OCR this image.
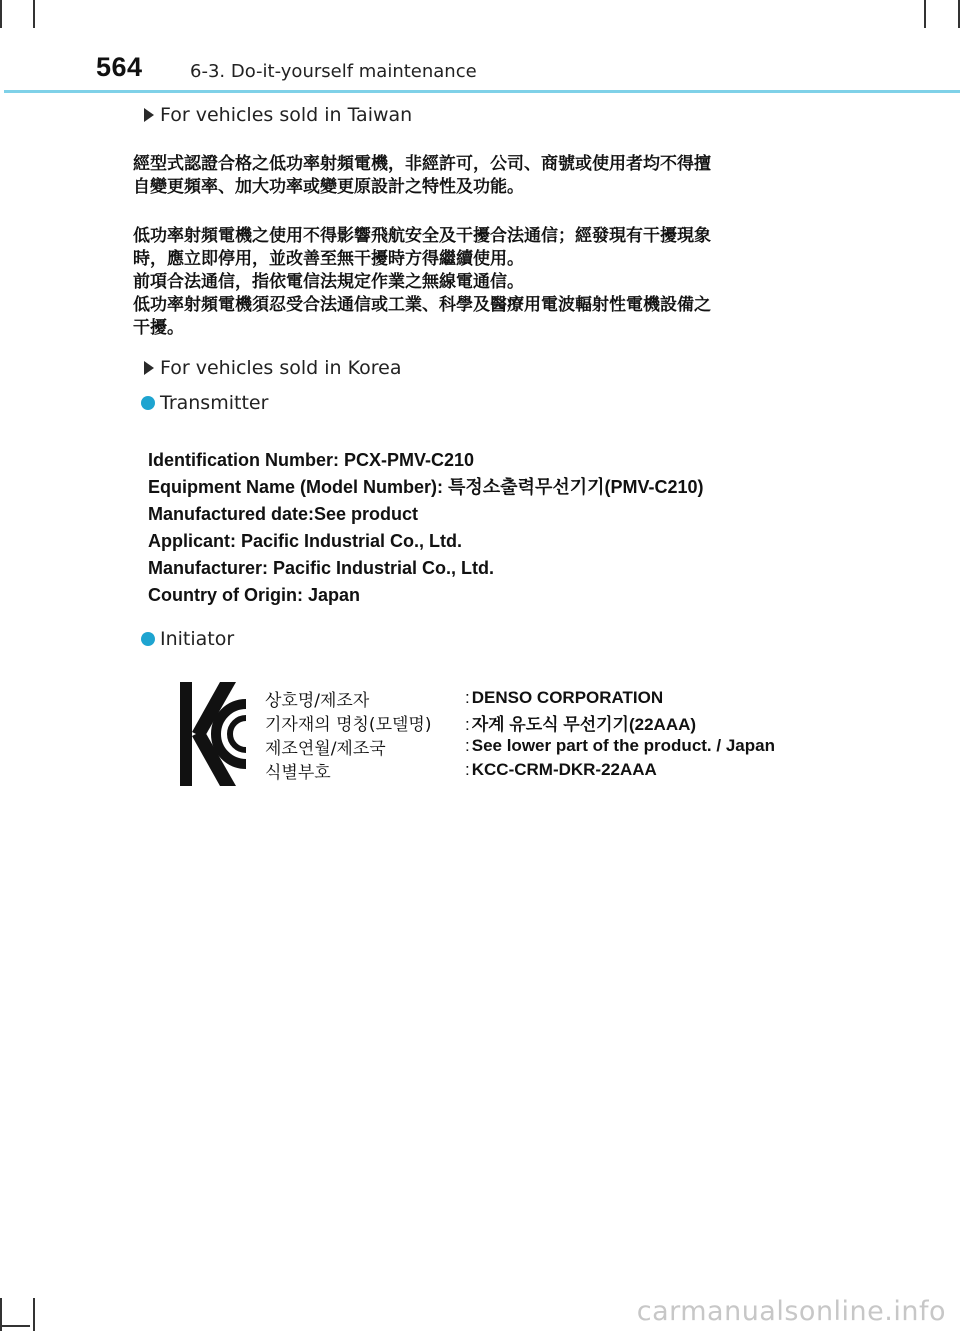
564	6-3. Do-it-yourself maintenance
For vehicles sold in Taiwan

經型式認證合格之低功率射頻電機，非經許可，公司、商號或使用者均不得擅

自變更頻率、加大功率或變更原設計之特性及功能。

低功率射頻電機之使用不得影響飛航安全及干擾合法通信；經發現有干擾現象

時，應立即停用，並改善至無干擾時方得繼續使用。

前項合法通信，指依電信法規定作業之無線電通信。

低功率射頻電機須忍受合法通信或工業、科學及醫療用電波輻射性電機設備之

干擾。

For vehicles sold in Korea
Transmitter
Identification Number: PCX-PMV-C210
Equipment Name (Model Number): 특정소출력무선기기(PMV-C210)
Manufactured date:See product
Applicant: Pacific Industrial Co., Ltd.
Manufacturer: Pacific Industrial Co., Ltd.
Country of Origin: Japan
Initiator
상호명/제조자	: DENSO CORPORATION
기자재의 명칭(모델명)	: 자계 유도식 무선기기(22AAA)
제조연월/제조국	: See lower part of the product. / Japan
식별부호	: KCC-CRM-DKR-22AAA
carmanualsonline.info
